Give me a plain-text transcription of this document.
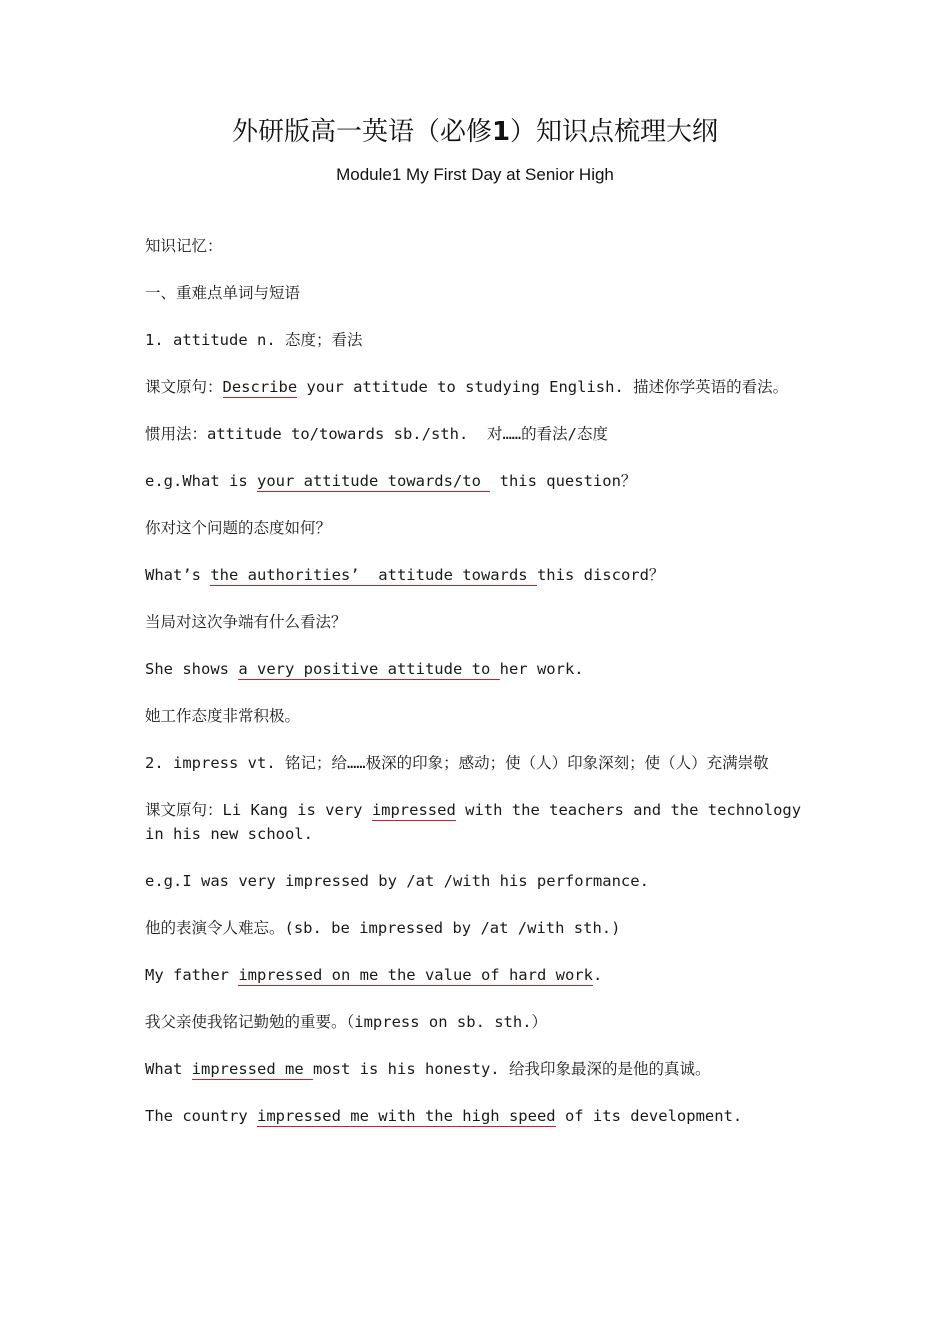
外研版高一英语（必修1）知识点梳理大纲
Module1 My First Day at Senior High

知识记忆：

一、重难点单词与短语

1. attitude n. 态度；看法

课文原句：Describe your attitude to studying English. 描述你学英语的看法。

惯用法：attitude to/towards sb./sth.  对……的看法/态度

e.g.What is your attitude towards/to  this question？

你对这个问题的态度如何？

What’s the authorities’  attitude towards this discord？

当局对这次争端有什么看法？

She shows a very positive attitude to her work.

她工作态度非常积极。

2. impress vt. 铭记；给……极深的印象；感动；使（人）印象深刻；使（人）充满崇敬

课文原句：Li Kang is very impressed with the teachers and the technology in his new school.

e.g.I was very impressed by /at /with his performance.

他的表演令人难忘。(sb. be impressed by /at /with sth.)

My father impressed on me the value of hard work.

我父亲使我铭记勤勉的重要。（impress on sb. sth.）

What impressed me most is his honesty. 给我印象最深的是他的真诚。

The country impressed me with the high speed of its development.
